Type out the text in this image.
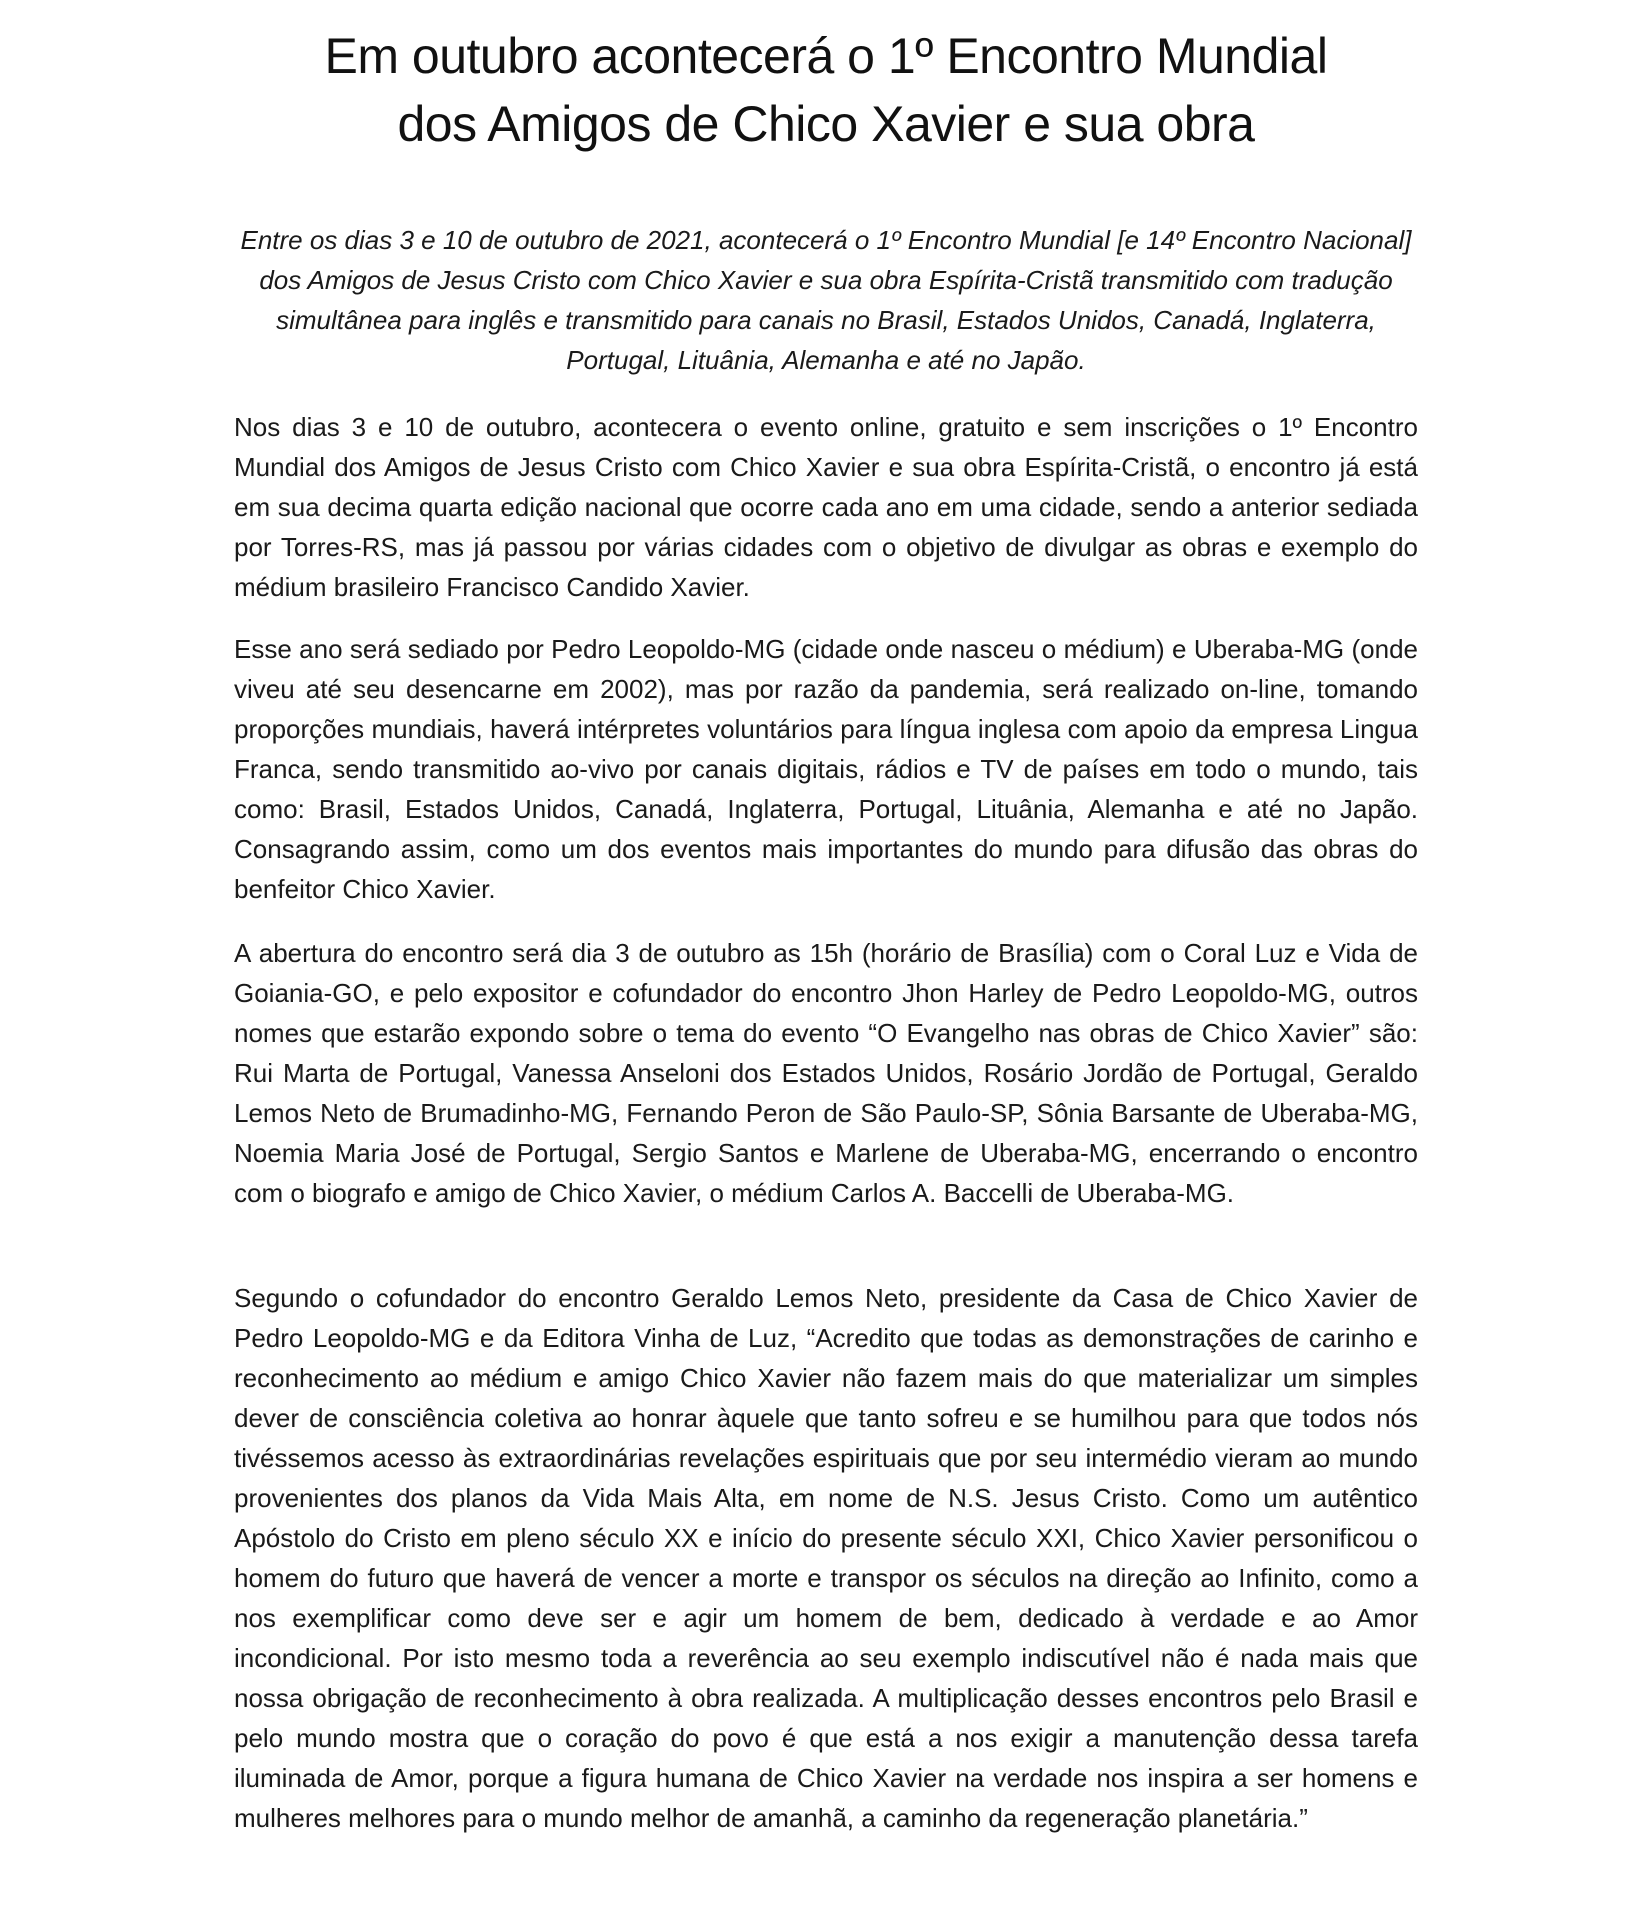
Em outubro acontecerá o 1º Encontro Mundial
dos Amigos de Chico Xavier e sua obra

Entre os dias 3 e 10 de outubro de 2021, acontecerá o 1º Encontro Mundial [e 14º Encontro Nacional] dos Amigos de Jesus Cristo com Chico Xavier e sua obra Espírita-Cristã transmitido com tradução simultânea para inglês e transmitido para canais no Brasil, Estados Unidos, Canadá, Inglaterra, Portugal, Lituânia, Alemanha e até no Japão.

Nos dias 3 e 10 de outubro, acontecera o evento online, gratuito e sem inscrições o 1º Encontro Mundial dos Amigos de Jesus Cristo com Chico Xavier e sua obra Espírita-Cristã, o encontro já está em sua decima quarta edição nacional que ocorre cada ano em uma cidade, sendo a anterior sediada por Torres-RS, mas já passou por várias cidades com o objetivo de divulgar as obras e exemplo do médium brasileiro Francisco Candido Xavier.

Esse ano será sediado por Pedro Leopoldo-MG (cidade onde nasceu o médium) e Uberaba-MG (onde viveu até seu desencarne em 2002), mas por razão da pandemia, será realizado on-line, tomando proporções mundiais, haverá intérpretes voluntários para língua inglesa com apoio da empresa Lingua Franca, sendo transmitido ao-vivo por canais digitais, rádios e TV de países em todo o mundo, tais como: Brasil, Estados Unidos, Canadá, Inglaterra, Portugal, Lituânia, Alemanha e até no Japão. Consagrando assim, como um dos eventos mais importantes do mundo para difusão das obras do benfeitor Chico Xavier.

A abertura do encontro será dia 3 de outubro as 15h (horário de Brasília) com o Coral Luz e Vida de Goiania-GO, e pelo expositor e cofundador do encontro Jhon Harley de Pedro Leopoldo-MG, outros nomes que estarão expondo sobre o tema do evento “O Evangelho nas obras de Chico Xavier” são: Rui Marta de Portugal, Vanessa Anseloni dos Estados Unidos, Rosário Jordão de Portugal, Geraldo Lemos Neto de Brumadinho-MG, Fernando Peron de São Paulo-SP, Sônia Barsante de Uberaba-MG, Noemia Maria José de Portugal, Sergio Santos e Marlene de Uberaba-MG, encerrando o encontro com o biografo e amigo de Chico Xavier, o médium Carlos A. Baccelli de Uberaba-MG.

Segundo o cofundador do encontro Geraldo Lemos Neto, presidente da Casa de Chico Xavier de Pedro Leopoldo-MG e da Editora Vinha de Luz, “Acredito que todas as demonstrações de carinho e reconhecimento ao médium e amigo Chico Xavier não fazem mais do que materializar um simples dever de consciência coletiva ao honrar àquele que tanto sofreu e se humilhou para que todos nós tivéssemos acesso às extraordinárias revelações espirituais que por seu intermédio vieram ao mundo provenientes dos planos da Vida Mais Alta, em nome de N.S. Jesus Cristo. Como um autêntico Apóstolo do Cristo em pleno século XX e início do presente século XXI, Chico Xavier personificou o homem do futuro que haverá de vencer a morte e transpor os séculos na direção ao Infinito, como a nos exemplificar como deve ser e agir um homem de bem, dedicado à verdade e ao Amor incondicional. Por isto mesmo toda a reverência ao seu exemplo indiscutível não é nada mais que nossa obrigação de reconhecimento à obra realizada. A multiplicação desses encontros pelo Brasil e pelo mundo mostra que o coração do povo é que está a nos exigir a manutenção dessa tarefa iluminada de Amor, porque a figura humana de Chico Xavier na verdade nos inspira a ser homens e mulheres melhores para o mundo melhor de amanhã, a caminho da regeneração planetária.”
